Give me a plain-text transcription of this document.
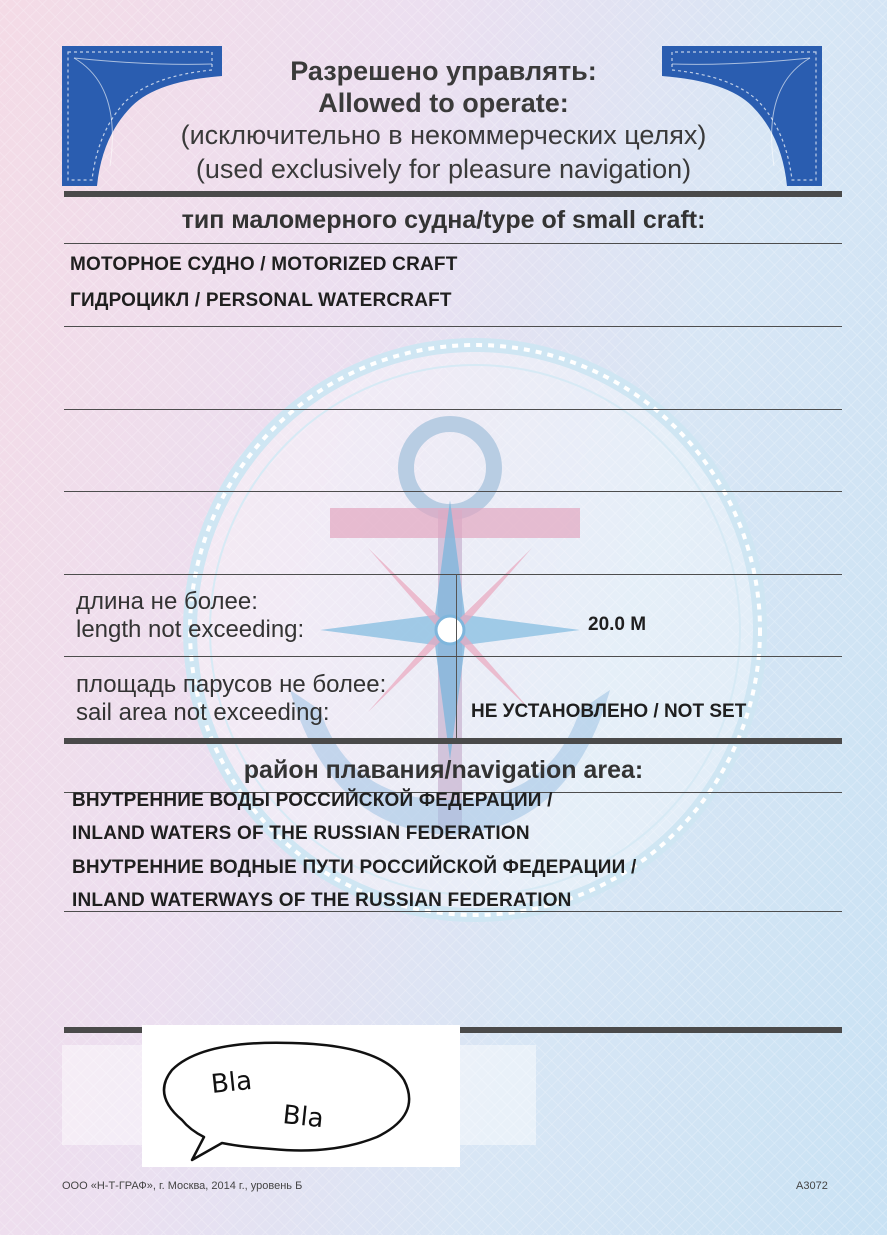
Разрешено управлять:
Allowed to operate:
(исключительно в некоммерческих целях)
(used exclusively for pleasure navigation)
тип маломерного судна/type of small craft:
МОТОРНОЕ СУДНО / MOTORIZED CRAFT
ГИДРОЦИКЛ / PERSONAL WATERCRAFT
длина не более:
length not exceeding:	20.0 М
площадь парусов не более:
sail area not exceeding:	НЕ УСТАНОВЛЕНО / NOT SET
район плавания/navigation area:
ВНУТРЕННИЕ ВОДЫ РОССИЙСКОЙ ФЕДЕРАЦИИ /
INLAND WATERS OF THE RUSSIAN FEDERATION
ВНУТРЕННИЕ ВОДНЫЕ ПУТИ РОССИЙСКОЙ ФЕДЕРАЦИИ /
INLAND WATERWAYS OF THE RUSSIAN FEDERATION
Bla
Bla
ООО «Н-Т-ГРАФ», г. Москва, 2014 г., уровень Б	А3072
